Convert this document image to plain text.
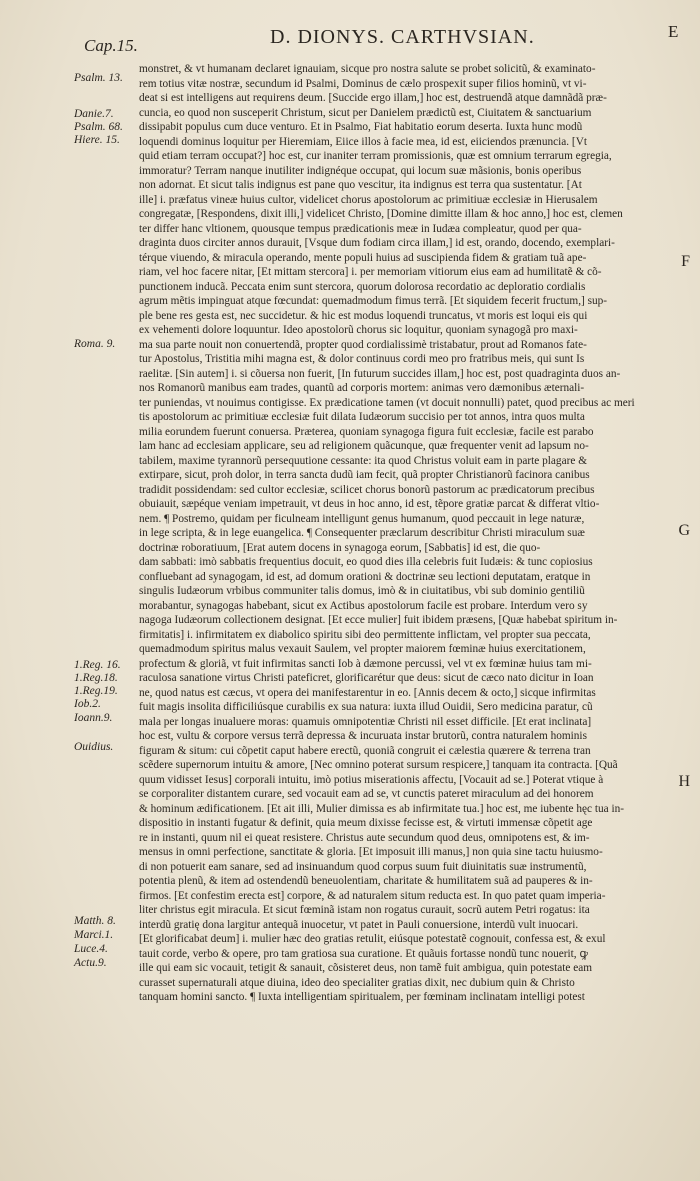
Cap.15.	D. DIONYS. CARTHVSIAN.	E
Psalm. 13.
Danie.7.
Psalm. 68.
Hiere. 15.
Roma. 9.
1.Reg. 16.
1.Reg.18.
1.Reg.19.
Iob.2.
Ioann.9.
Ouidius.
Matth. 8.
Marci.1.
Luce.4.
Actu.9.
F
G
H
monstret, & vt humanam declaret ignauiam, sicque pro nostra salute se probet solicitũ, & examinato-
rem totius vitæ nostræ, secundum id Psalmi, Dominus de cælo prospexit super filios hominũ, vt vi-
deat si est intelligens aut requirens deum. [Succide ergo illam,] hoc est, destruendã atque damnãdã præ-
cuncia, eo quod non susceperit Christum, sicut per Danielem prædictũ est, Ciuitatem & sanctuarium
dissipabit populus cum duce venturo. Et in Psalmo, Fiat habitatio eorum deserta. Iuxta hunc modũ
loquendi dominus loquitur per Hieremiam, Eiice illos à facie mea, id est, eiiciendos prænuncia. [Vt
quid etiam terram occupat?] hoc est, cur inaniter terram promissionis, quæ est omnium terrarum egregia,
immoratur? Terram nanque inutiliter indignéque occupat, qui locum suæ mãsionis, bonis operibus
non adornat. Et sicut talis indignus est pane quo vescitur, ita indignus est terra qua sustentatur. [At
ille] i. præfatus vineæ huius cultor, videlicet chorus apostolorum ac primitiuæ ecclesiæ in Hierusalem
congregatæ, [Respondens, dixit illi,] videlicet Christo, [Domine dimitte illam & hoc anno,] hoc est, clemen
ter differ hanc vltionem, quousque tempus prædicationis meæ in Iudæa compleatur, quod per qua-
draginta duos circiter annos durauit, [Vsque dum fodiam circa illam,] id est, orando, docendo, exemplari-
térque viuendo, & miracula operando, mente populi huius ad suscipienda fidem & gratiam tuã ape-
riam, vel hoc facere nitar, [Et mittam stercora] i. per memoriam vitiorum eius eam ad humilitatẽ & cõ-
punctionem inducã. Peccata enim sunt stercora, quorum dolorosa recordatio ac deploratio cordialis
agrum mẽtis impinguat atque fœcundat: quemadmodum fimus terrã. [Et siquidem fecerit fructum,] sup-
ple bene res gesta est, nec succidetur. & hic est modus loquendi truncatus, vt moris est loqui eis qui
ex vehementi dolore loquuntur. Ideo apostolorũ chorus sic loquitur, quoniam synagogã pro maxi-
ma sua parte nouit non conuertendã, propter quod cordialissimè tristabatur, prout ad Romanos fate-
tur Apostolus, Tristitia mihi magna est, & dolor continuus cordi meo pro fratribus meis, qui sunt Is
raelitæ. [Sin autem] i. si cõuersa non fuerit, [In futurum succides illam,] hoc est, post quadraginta duos an-
nos Romanorũ manibus eam trades, quantũ ad corporis mortem: animas vero dæmonibus æternali-
ter puniendas, vt nouimus contigisse. Ex prædicatione tamen (vt docuit nonnulli) patet, quod precibus ac meri
tis apostolorum ac primitiuæ ecclesiæ fuit dilata Iudæorum succisio per tot annos, intra quos multa
milia eorundem fuerunt conuersa. Præterea, quoniam synagoga figura fuit ecclesiæ, facile est parabo
lam hanc ad ecclesiam applicare, seu ad religionem quãcunque, quæ frequenter venit ad lapsum no-
tabilem, maxime tyrannorũ persequutione cessante: ita quod Christus voluit eam in parte plagare &
extirpare, sicut, proh dolor, in terra sancta dudũ iam fecit, quã propter Christianorũ facinora canibus
tradidit possidendam: sed cultor ecclesiæ, scilicet chorus bonorũ pastorum ac prædicatorum precibus
obuiauit, sæpéque veniam impetrauit, vt deus in hoc anno, id est, tẽpore gratiæ parcat & differat vltio-
nem. ¶ Postremo, quidam per ficulneam intelligunt genus humanum, quod peccauit in lege naturæ,
in lege scripta, & in lege euangelica. ¶ Consequenter præclarum describitur Christi miraculum suæ
doctrinæ roboratiuum, [Erat autem docens in synagoga eorum, [Sabbatis] id est, die quo-
dam sabbati: imò sabbatis frequentius docuit, eo quod dies illa celebris fuit Iudæis: & tunc copiosius
confluebant ad synagogam, id est, ad domum orationi & doctrinæ seu lectioni deputatam, eratque in
singulis Iudæorum vrbibus communiter talis domus, imò & in ciuitatibus, vbi sub dominio gentiliũ
morabantur, synagogas habebant, sicut ex Actibus apostolorum facile est probare. Interdum vero sy
nagoga Iudæorum collectionem designat. [Et ecce mulier] fuit ibidem præsens, [Quæ habebat spiritum in-
firmitatis] i. infirmitatem ex diabolico spiritu sibi deo permittente inflictam, vel propter sua peccata,
quemadmodum spiritus malus vexauit Saulem, vel propter maiorem fœminæ huius exercitationem,
profectum & gloriã, vt fuit infirmitas sancti Iob à dæmone percussi, vel vt ex fœminæ huius tam mi-
raculosa sanatione virtus Christi pateficret, glorificarétur que deus: sicut de cæco nato dicitur in Ioan
ne, quod natus est cæcus, vt opera dei manifestarentur in eo. [Annis decem & octo,] sicque infirmitas
fuit magis insolita difficiliúsque curabilis ex sua natura: iuxta illud Ouidii, Sero medicina paratur, cũ
mala per longas inualuere moras: quamuis omnipotentiæ Christi nil esset difficile. [Et erat inclinata]
hoc est, vultu & corpore versus terrã depressa & incuruata instar brutorũ, contra naturalem hominis
figuram & situm: cui cõpetit caput habere erectũ, quoniã congruit ei cælestia quærere & terrena tran
scẽdere supernorum intuitu & amore, [Nec omnino poterat sursum respicere,] tanquam ita contracta. [Quã
quum vidisset Iesus] corporali intuitu, imò potius miserationis affectu, [Vocauit ad se.] Poterat vtique à
se corporaliter distantem curare, sed vocauit eam ad se, vt cunctis pateret miraculum ad dei honorem
& hominum ædificationem. [Et ait illi, Mulier dimissa es ab infirmitate tua.] hoc est, me iubente hęc tua in-
dispositio in instanti fugatur & definit, quia meum dixisse fecisse est, & virtuti immensæ cõpetit age
re in instanti, quum nil ei queat resistere. Christus aute secundum quod deus, omnipotens est, & im-
mensus in omni perfectione, sanctitate & gloria. [Et imposuit illi manus,] non quia sine tactu huiusmo-
di non potuerit eam sanare, sed ad insinuandum quod corpus suum fuit diuinitatis suæ instrumentũ,
potentia plenũ, & item ad ostendendũ beneuolentiam, charitate & humilitatem suã ad pauperes & in-
firmos. [Et confestim erecta est] corpore, & ad naturalem situm reducta est. In quo patet quam imperia-
liter christus egit miracula. Et sicut fœminã istam non rogatus curauit, socrũ autem Petri rogatus: ita
interdũ gratię dona largitur antequã inuocetur, vt patet in Pauli conuersione, interdũ vult inuocari.
[Et glorificabat deum] i. mulier hæc deo gratias retulit, eiúsque potestatẽ cognouit, confessa est, & exul
tauit corde, verbo & opere, pro tam gratiosa sua curatione. Et quãuis fortasse nondũ tunc nouerit, ꝙ
ille qui eam sic vocauit, tetigit & sanauit, cõsisteret deus, non tamẽ fuit ambigua, quin potestate eam
curasset supernaturali atque diuina, ideo deo specialiter gratias dixit, nec dubium quin & Christo
tanquam homini sancto. ¶ Iuxta intelligentiam spiritualem, per fœminam inclinatam intelligi potest
